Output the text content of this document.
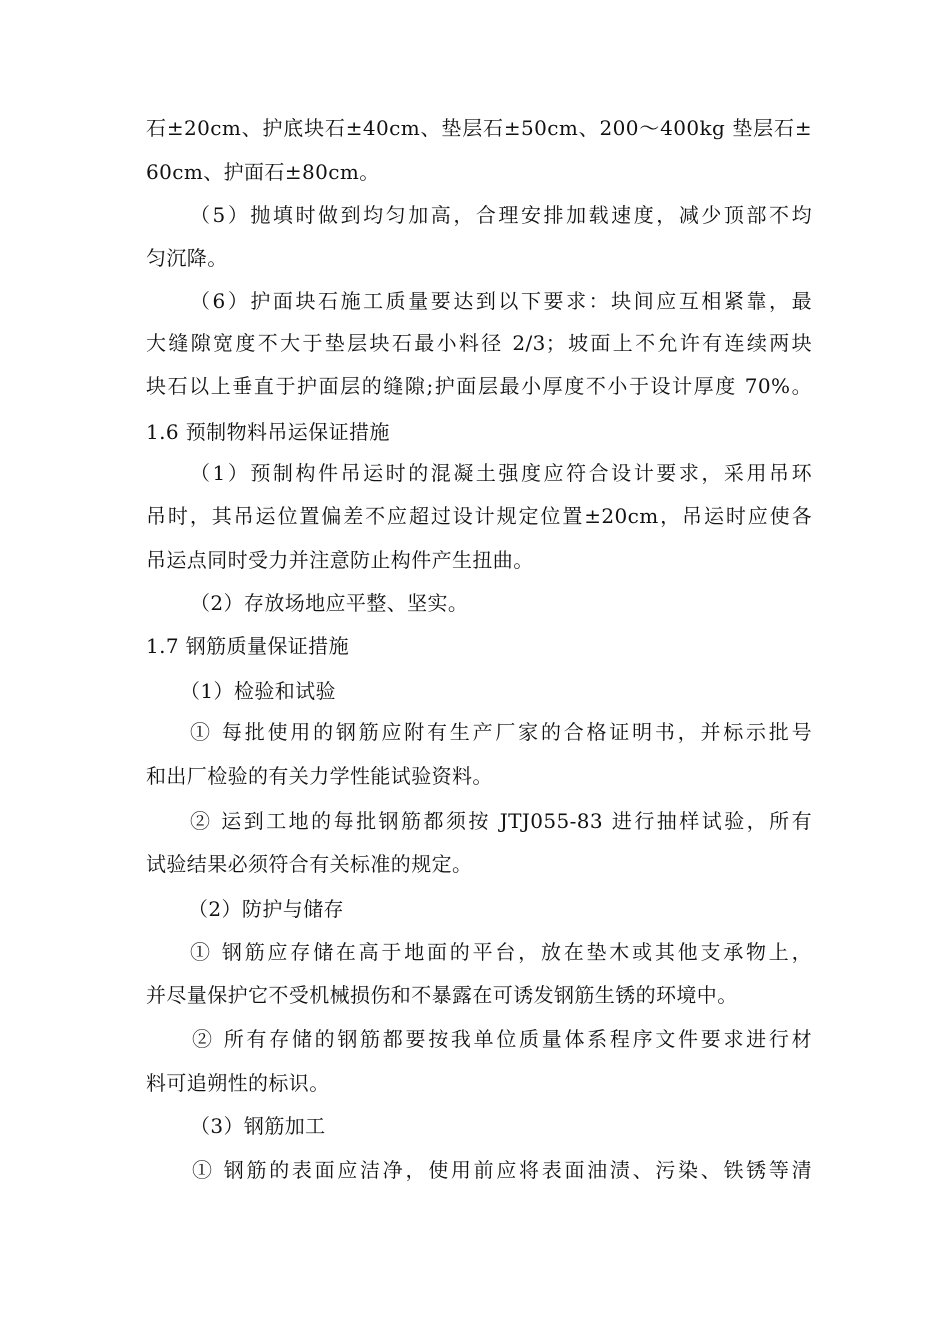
石±20cm、护底块石±40cm、垫层石±50cm、200～400kg 垫层石±
60cm、护面石±80cm。
（5）抛填时做到均匀加高，合理安排加载速度，减少顶部不均
匀沉降。
（6）护面块石施工质量要达到以下要求：块间应互相紧靠，最
大缝隙宽度不大于垫层块石最小料径 2/3；坡面上不允许有连续两块
块石以上垂直于护面层的缝隙;护面层最小厚度不小于设计厚度 70%。
1.6 预制物料吊运保证措施
（1）预制构件吊运时的混凝土强度应符合设计要求，采用吊环
吊时，其吊运位置偏差不应超过设计规定位置±20cm，吊运时应使各
吊运点同时受力并注意防止构件产生扭曲。
（2）存放场地应平整、坚实。
1.7 钢筋质量保证措施
（1）检验和试验
① 每批使用的钢筋应附有生产厂家的合格证明书，并标示批号
和出厂检验的有关力学性能试验资料。
② 运到工地的每批钢筋都须按 JTJ055-83 进行抽样试验，所有
试验结果必须符合有关标准的规定。
（2）防护与储存
① 钢筋应存储在高于地面的平台，放在垫木或其他支承物上，
并尽量保护它不受机械损伤和不暴露在可诱发钢筋生锈的环境中。
② 所有存储的钢筋都要按我单位质量体系程序文件要求进行材
料可追朔性的标识。
（3）钢筋加工
① 钢筋的表面应洁净，使用前应将表面油渍、污染、铁锈等清
